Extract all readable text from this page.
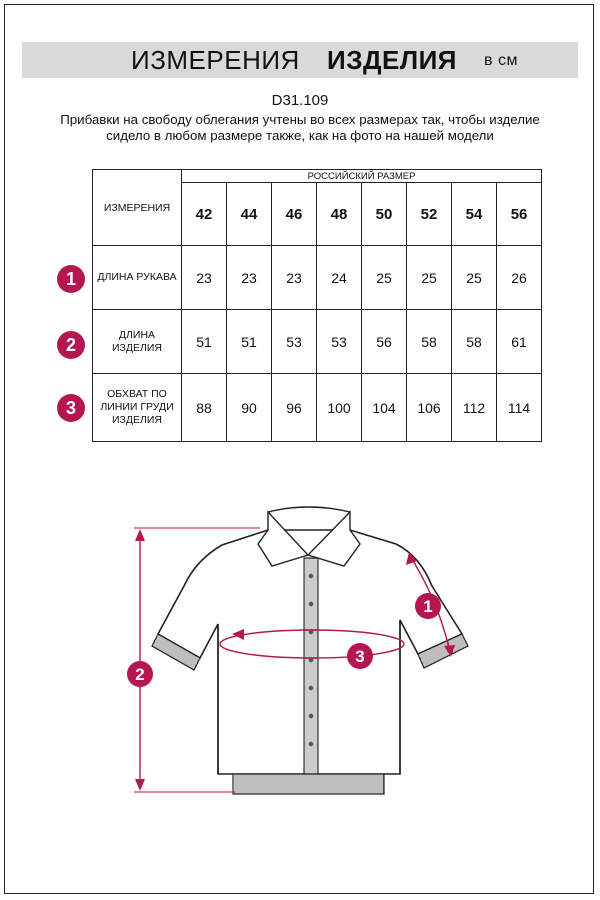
ИЗМЕРЕНИЯ ИЗДЕЛИЯ в см
D31.109
Прибавки на свободу облегания учтены во всех размерах так, чтобы изделие сидело в любом размере также, как на фото на нашей модели
ИЗМЕРЕНИЯ	РОССИЙСКИЙ РАЗМЕР							
	42	44	46	48	50	52	54	56
ДЛИНА РУКАВА	23	23	23	24	25	25	25	26
ДЛИНА ИЗДЕЛИЯ	51	51	53	53	56	58	58	61
ОБХВАТ ПО ЛИНИИ ГРУДИ ИЗДЕЛИЯ	88	90	96	100	104	106	112	114
1
2
3
1
2
3
